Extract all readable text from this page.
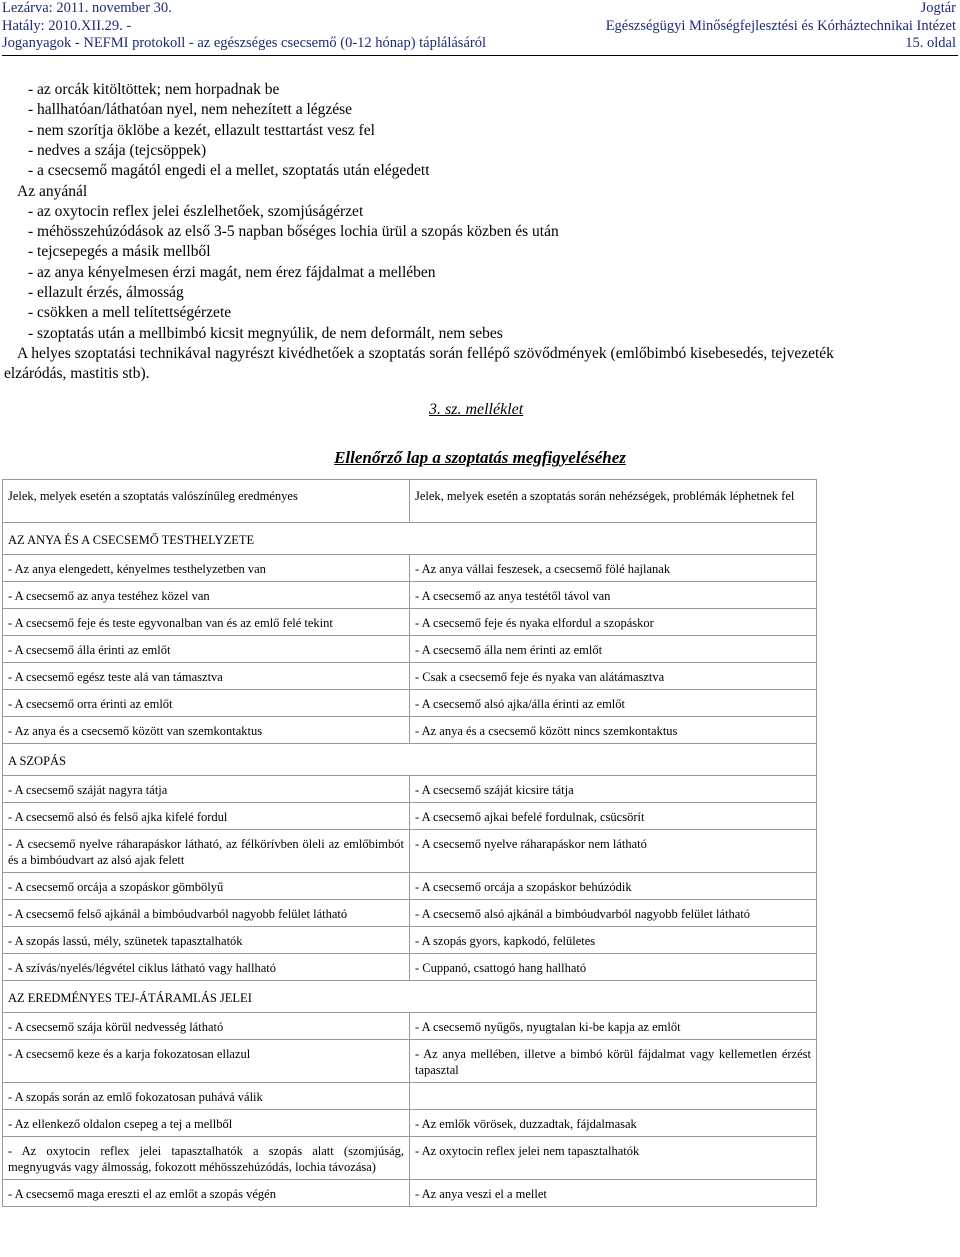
Lezárva: 2011. november 30.
Hatály: 2010.XII.29. -
Joganyagok - NEFMI protokoll - az egészséges csecsemő (0-12 hónap) táplálásáról
Jogtár
Egészségügyi Minőségfejlesztési és Kórháztechnikai Intézet
15. oldal
- az orcák kitöltöttek; nem horpadnak be
- hallhatóan/láthatóan nyel, nem nehezített a légzése
- nem szorítja öklöbe a kezét, ellazult testtartást vesz fel
- nedves a szája (tejcsöppek)
- a csecsemő magától engedi el a mellet, szoptatás után elégedett
Az anyánál
- az oxytocin reflex jelei észlelhetőek, szomjúságérzet
- méhösszehúzódások az első 3-5 napban bőséges lochia ürül a szopás közben és után
- tejcsepegés a másik mellből
- az anya kényelmesen érzi magát, nem érez fájdalmat a mellében
- ellazult érzés, álmosság
- csökken a mell telítettségérzete
- szoptatás után a mellbimbó kicsit megnyúlik, de nem deformált, nem sebes
A helyes szoptatási technikával nagyrészt kivédhetőek a szoptatás során fellépő szövődmények (emlőbimbó kisebesedés, tejvezeték
elzáródás, mastitis stb).
3. sz. melléklet
Ellenőrző lap a szoptatás megfigyeléséhez
Jelek, melyek esetén a szoptatás valószínűleg eredményes	Jelek, melyek esetén a szoptatás során nehézségek, problémák léphetnek fel
AZ ANYA ÉS A CSECSEMŐ TESTHELYZETE	
- Az anya elengedett, kényelmes testhelyzetben van	- Az anya vállai feszesek, a csecsemő fölé hajlanak
- A csecsemő az anya testéhez közel van	- A csecsemő az anya testétől távol van
- A csecsemő feje és teste egyvonalban van és az emlő felé tekint	- A csecsemő feje és nyaka elfordul a szopáskor
- A csecsemő álla érinti az emlőt	- A csecsemő álla nem érinti az emlőt
- A csecsemő egész teste alá van támasztva	- Csak a csecsemő feje és nyaka van alátámasztva
- A csecsemő orra érinti az emlőt	- A csecsemő alsó ajka/álla érinti az emlőt
- Az anya és a csecsemő között van szemkontaktus	- Az anya és a csecsemő között nincs szemkontaktus
A SZOPÁS	
- A csecsemő száját nagyra tátja	- A csecsemő száját kicsire tátja
- A csecsemő alsó és felső ajka kifelé fordul	- A csecsemő ajkai befelé fordulnak, csücsörít
- A csecsemő nyelve ráharapáskor látható, az félkörívben öleli az emlőbimbót és a bimbóudvart az alsó ajak felett	- A csecsemő nyelve ráharapáskor nem látható
- A csecsemő orcája a szopáskor gömbölyű	- A csecsemő orcája a szopáskor behúzódik
- A csecsemő felső ajkánál a bimbóudvarból nagyobb felület látható	- A csecsemő alsó ajkánál a bimbóudvarból nagyobb felület látható
- A szopás lassú, mély, szünetek tapasztalhatók	- A szopás gyors, kapkodó, felületes
- A szívás/nyelés/légvétel ciklus látható vagy hallható	- Cuppanó, csattogó hang hallható
AZ EREDMÉNYES TEJ-ÁTÁRAMLÁS JELEI	
- A csecsemő szája körül nedvesség látható	- A csecsemő nyűgős, nyugtalan ki-be kapja az emlőt
- A csecsemő keze és a karja fokozatosan ellazul	- Az anya mellében, illetve a bimbó körül fájdalmat vagy kellemetlen érzést tapasztal
- A szopás során az emlő fokozatosan puhává válik	
- Az ellenkező oldalon csepeg a tej a mellből	- Az emlők vörösek, duzzadtak, fájdalmasak
- Az oxytocin reflex jelei tapasztalhatók a szopás alatt (szomjúság, megnyugvás vagy álmosság, fokozott méhösszehúzódás, lochia távozása)	- Az oxytocin reflex jelei nem tapasztalhatók
- A csecsemő maga ereszti el az emlőt a szopás végén	- Az anya veszi el a mellet
